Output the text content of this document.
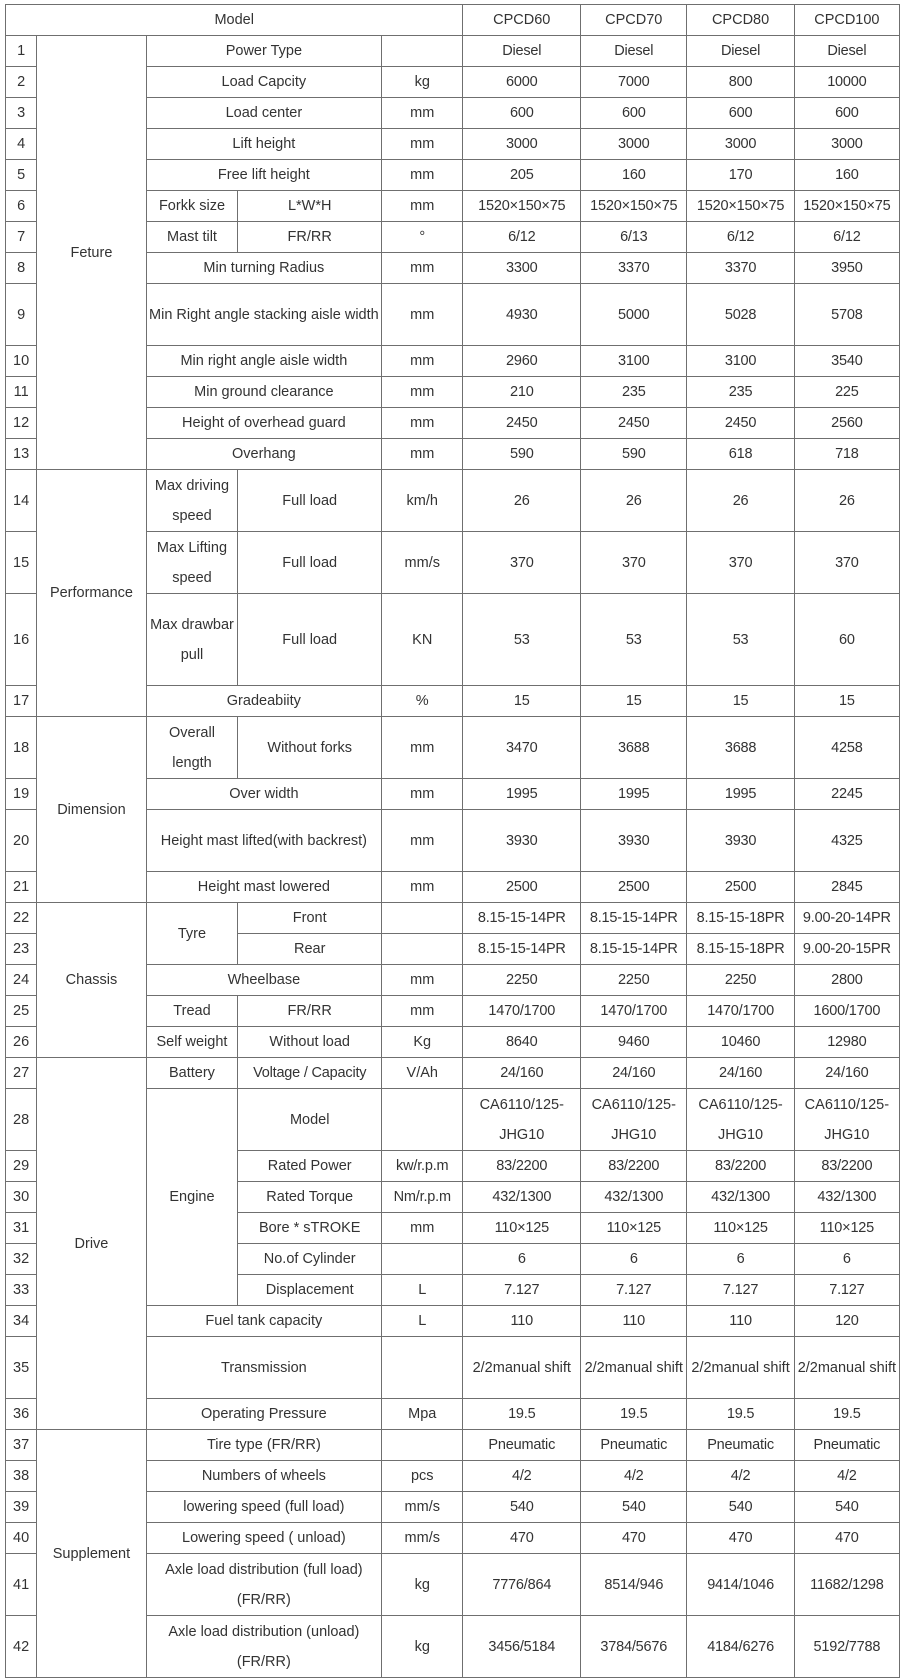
Model					CPCD60	CPCD70	CPCD80	CPCD100
1	Feture	Power Type			Diesel	Diesel	Diesel	Diesel
2		Load Capcity		kg	6000	7000	800	10000
3		Load center		mm	600	600	600	600
4		Lift height		mm	3000	3000	3000	3000
5		Free lift height		mm	205	160	170	160
6		Forkk size	L*W*H	mm	1520×150×75	1520×150×75	1520×150×75	1520×150×75
7		Mast tilt	FR/RR	°	6/12	6/13	6/12	6/12
8		Min turning Radius		mm	3300	3370	3370	3950
9		Min Right angle stacking aisle width		mm	4930	5000	5028	5708
10		Min right angle aisle width		mm	2960	3100	3100	3540
11		Min ground clearance		mm	210	235	235	225
12		Height of overhead guard		mm	2450	2450	2450	2560
13		Overhang		mm	590	590	618	718
14	Performance	Max driving speed	Full load	km/h	26	26	26	26
15		Max Lifting speed	Full load	mm/s	370	370	370	370
16		Max drawbar pull	Full load	KN	53	53	53	60
17		Gradeabiity		%	15	15	15	15
18	Dimension	Overall length	Without forks	mm	3470	3688	3688	4258
19		Over width		mm	1995	1995	1995	2245
20		Height mast lifted(with backrest)		mm	3930	3930	3930	4325
21		Height mast lowered		mm	2500	2500	2500	2845
22	Chassis	Tyre	Front		8.15-15-14PR	8.15-15-14PR	8.15-15-18PR	9.00-20-14PR
23			Rear		8.15-15-14PR	8.15-15-14PR	8.15-15-18PR	9.00-20-15PR
24		Wheelbase		mm	2250	2250	2250	2800
25		Tread	FR/RR	mm	1470/1700	1470/1700	1470/1700	1600/1700
26		Self weight	Without load	Kg	8640	9460	10460	12980
27	Drive	Battery	Voltage / Capacity	V/Ah	24/160	24/160	24/160	24/160
28		Engine	Model		CA6110/125-JHG10	CA6110/125-JHG10	CA6110/125-JHG10	CA6110/125-JHG10
29			Rated Power	kw/r.p.m	83/2200	83/2200	83/2200	83/2200
30			Rated Torque	Nm/r.p.m	432/1300	432/1300	432/1300	432/1300
31			Bore * sTROKE	mm	110×125	110×125	110×125	110×125
32			No.of Cylinder		6	6	6	6
33			Displacement	L	7.127	7.127	7.127	7.127
34		Fuel tank capacity		L	110	110	110	120
35		Transmission			2/2manual shift	2/2manual shift	2/2manual shift	2/2manual shift
36		Operating Pressure		Mpa	19.5	19.5	19.5	19.5
37	Supplement	Tire type (FR/RR)			Pneumatic	Pneumatic	Pneumatic	Pneumatic
38		Numbers of wheels		pcs	4/2	4/2	4/2	4/2
39		lowering speed (full load)		mm/s	540	540	540	540
40		Lowering speed ( unload)		mm/s	470	470	470	470
41		Axle load distribution (full load) (FR/RR)		kg	7776/864	8514/946	9414/1046	11682/1298
42		Axle load distribution (unload) (FR/RR)		kg	3456/5184	3784/5676	4184/6276	5192/7788
